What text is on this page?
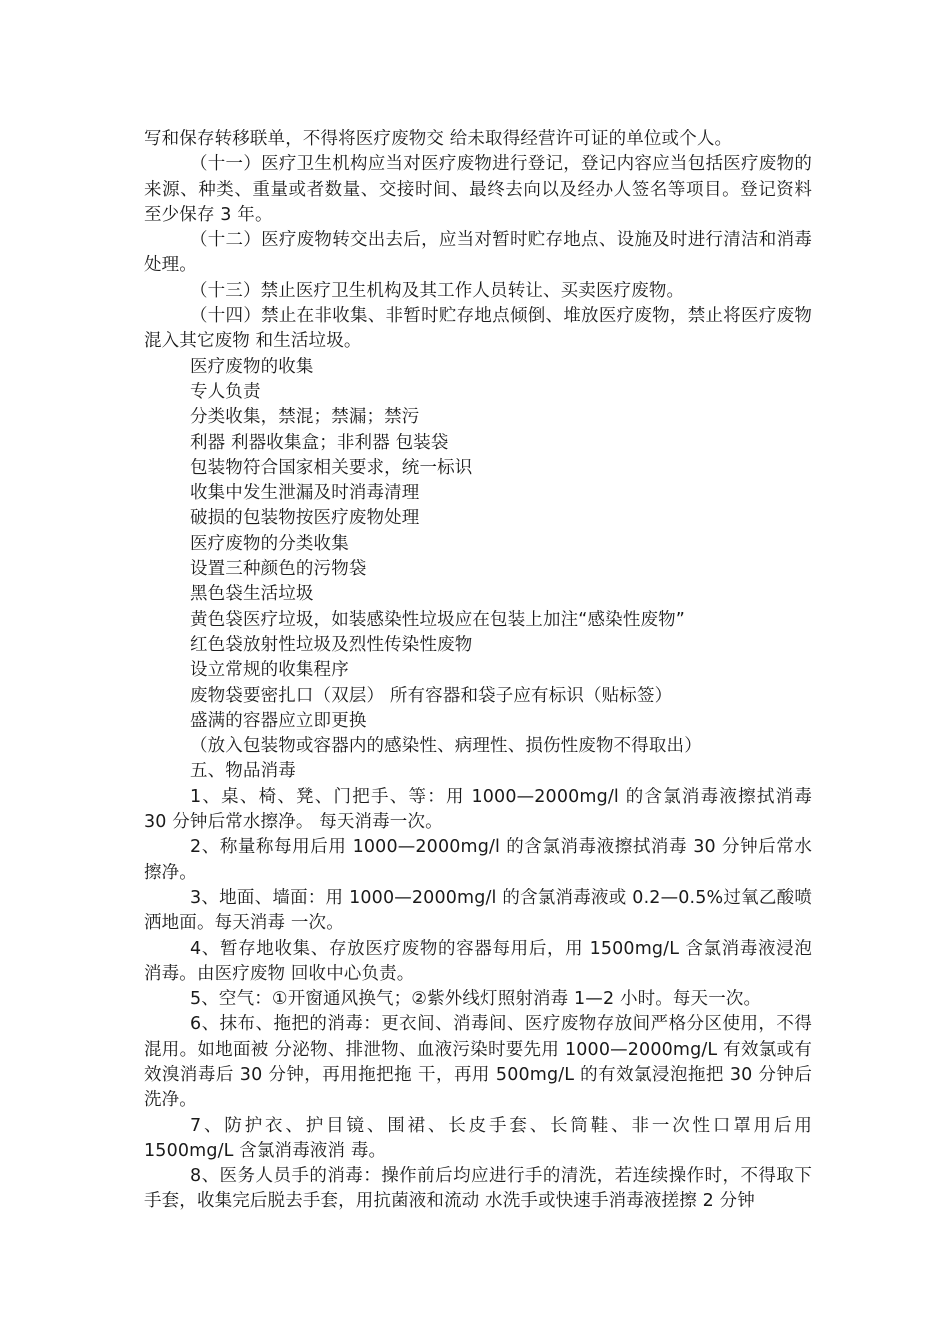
写和保存转移联单，不得将医疗废物交 给未取得经营许可证的单位或个人。

（十一）医疗卫生机构应当对医疗废物进行登记，登记内容应当包括医疗废物的来源、种类、重量或者数量、交接时间、最终去向以及经办人签名等项目。登记资料至少保存 3 年。

（十二）医疗废物转交出去后，应当对暂时贮存地点、设施及时进行清洁和消毒处理。

（十三）禁止医疗卫生机构及其工作人员转让、买卖医疗废物。

（十四）禁止在非收集、非暂时贮存地点倾倒、堆放医疗废物，禁止将医疗废物混入其它废物 和生活垃圾。

医疗废物的收集

专人负责

分类收集，禁混；禁漏；禁污

利器 利器收集盒；非利器 包装袋

包装物符合国家相关要求，统一标识

收集中发生泄漏及时消毒清理

破损的包装物按医疗废物处理

医疗废物的分类收集

设置三种颜色的污物袋

黑色袋生活垃圾

黄色袋医疗垃圾，如装感染性垃圾应在包装上加注“感染性废物”

红色袋放射性垃圾及烈性传染性废物

设立常规的收集程序

废物袋要密扎口（双层） 所有容器和袋子应有标识（贴标签）

盛满的容器应立即更换

（放入包装物或容器内的感染性、病理性、损伤性废物不得取出）

五、物品消毒

1、桌、椅、凳、门把手、等：用 1000—2000mg/l 的含氯消毒液擦拭消毒 30 分钟后常水擦净。 每天消毒一次。

2、称量称每用后用 1000—2000mg/l 的含氯消毒液擦拭消毒 30 分钟后常水擦净。

3、地面、墙面：用 1000—2000mg/l 的含氯消毒液或 0.2—0.5%过氧乙酸喷洒地面。每天消毒 一次。

4、暂存地收集、存放医疗废物的容器每用后，用 1500mg/L 含氯消毒液浸泡消毒。由医疗废物 回收中心负责。

5、空气：①开窗通风换气；②紫外线灯照射消毒 1—2 小时。每天一次。

6、抹布、拖把的消毒：更衣间、消毒间、医疗废物存放间严格分区使用，不得混用。如地面被 分泌物、排泄物、血液污染时要先用 1000—2000mg/L 有效氯或有效溴消毒后 30 分钟，再用拖把拖 干，再用 500mg/L 的有效氯浸泡拖把 30 分钟后洗净。

7、防护衣、护目镜、围裙、长皮手套、长筒鞋、非一次性口罩用后用 1500mg/L 含氯消毒液消 毒。

8、医务人员手的消毒：操作前后均应进行手的清洗，若连续操作时，不得取下手套，收集完后脱去手套，用抗菌液和流动 水洗手或快速手消毒液搓擦 2 分钟
